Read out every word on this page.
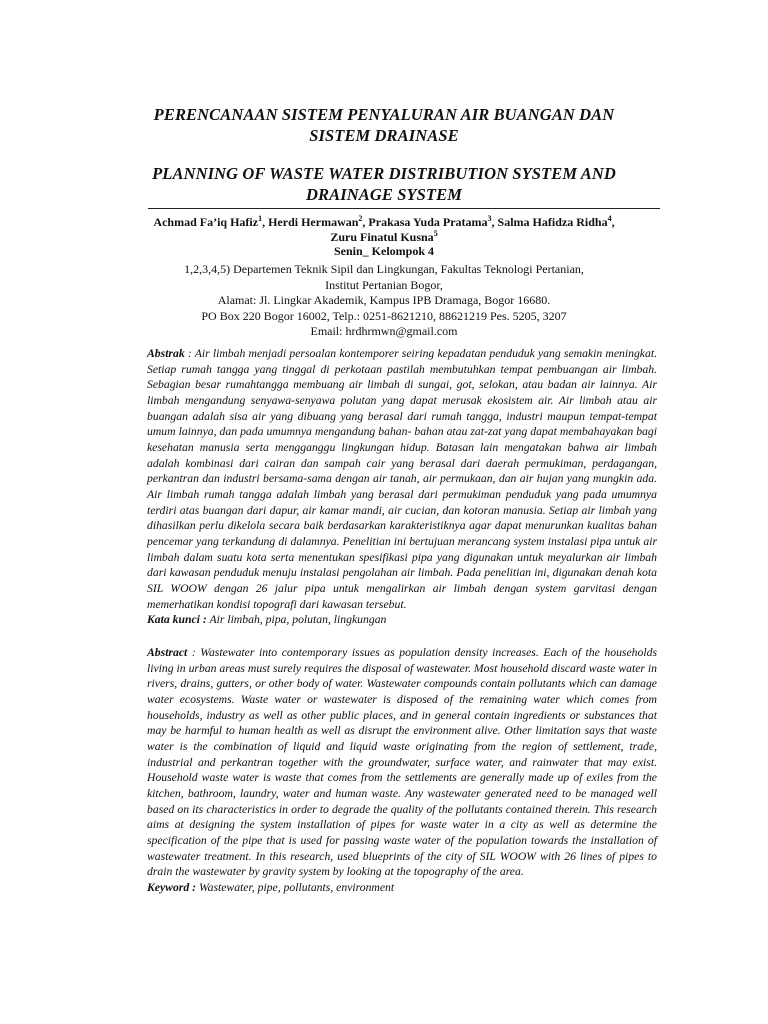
PERENCANAAN SISTEM PENYALURAN AIR BUANGAN DAN SISTEM DRAINASE
PLANNING OF WASTE WATER DISTRIBUTION SYSTEM AND DRAINAGE SYSTEM

Achmad Fa’iq Hafiz$^1$, Herdi Hermawan$^2$, Prakasa Yuda Pratama$^3$, Salma Hafidza Ridha$^4$, Zuru Finatul Kusna$^5$
Senin_ Kelompok 4

1,2,3,4,5) Departemen Teknik Sipil dan Lingkungan, Fakultas Teknologi Pertanian,
Institut Pertanian Bogor,
Alamat: Jl. Lingkar Akademik, Kampus IPB Dramaga, Bogor 16680.
PO Box 220 Bogor 16002, Telp.: 0251-8621210, 88621219 Pes. 5205, 3207
Email: hrdhrmwn@gmail.com

Abstrak : Air limbah menjadi persoalan kontemporer seiring kepadatan penduduk yang semakin meningkat. Setiap rumah tangga yang tinggal di perkotaan pastilah membutuhkan tempat pembuangan air limbah. Sebagian besar rumahtangga membuang air limbah di sungai, got, selokan, atau badan air lainnya. Air limbah mengandung senyawa-senyawa polutan yang dapat merusak ekosistem air. Air limbah atau air buangan adalah sisa air yang dibuang yang berasal dari rumah tangga, industri maupun tempat-tempat umum lainnya, dan pada umumnya mengandung bahan- bahan atau zat-zat yang dapat membahayakan bagi kesehatan manusia serta mengganggu lingkungan hidup. Batasan lain mengatakan bahwa air limbah adalah kombinasi dari cairan dan sampah cair yang berasal dari daerah permukiman, perdagangan, perkantran dan industri bersama-sama dengan air tanah, air permukaan, dan air hujan yang mungkin ada. Air limbah rumah tangga adalah limbah yang berasal dari permukiman penduduk yang pada umumnya terdiri atas buangan dari dapur, air kamar mandi, air cucian, dan kotoran manusia. Setiap air limbah yang dihasilkan perlu dikelola secara baik berdasarkan karakteristiknya agar dapat menurunkan kualitas bahan pencemar yang terkandung di dalamnya. Penelitian ini bertujuan merancang system instalasi pipa untuk air limbah dalam suatu kota serta menentukan spesifikasi pipa yang digunakan untuk meyalurkan air limbah dari kawasan penduduk menuju instalasi pengolahan air limbah. Pada penelitian ini, digunakan denah kota SIL WOOW dengan 26 jalur pipa untuk mengalirkan air limbah dengan system garvitasi dengan memerhatikan kondisi topografi dari kawasan tersebut.

Kata kunci : Air limbah, pipa, polutan, lingkungan

Abstract : Wastewater into contemporary issues as population density increases. Each of the households living in urban areas must surely requires the disposal of wastewater. Most household discard waste water in rivers, drains, gutters, or other body of water. Wastewater compounds contain pollutants which can damage water ecosystems. Waste water or wastewater is disposed of the remaining water which comes from households, industry as well as other public places, and in general contain ingredients or substances that may be harmful to human health as well as disrupt the environment alive. Other limitation says that waste water is the combination of liquid and liquid waste originating from the region of settlement, trade, industrial and perkantran together with the groundwater, surface water, and rainwater that may exist. Household waste water is waste that comes from the settlements are generally made up of exiles from the kitchen, bathroom, laundry, water and human waste. Any wastewater generated need to be managed well based on its characteristics in order to degrade the quality of the pollutants contained therein. This research aims at designing the system installation of pipes for waste water in a city as well as determine the specification of the pipe that is used for passing waste water of the population towards the installation of wastewater treatment. In this research, used blueprints of the city of SIL WOOW with 26 lines of pipes to drain the wastewater by gravity system by looking at the topography of the area.

Keyword : Wastewater, pipe, pollutants, environment
